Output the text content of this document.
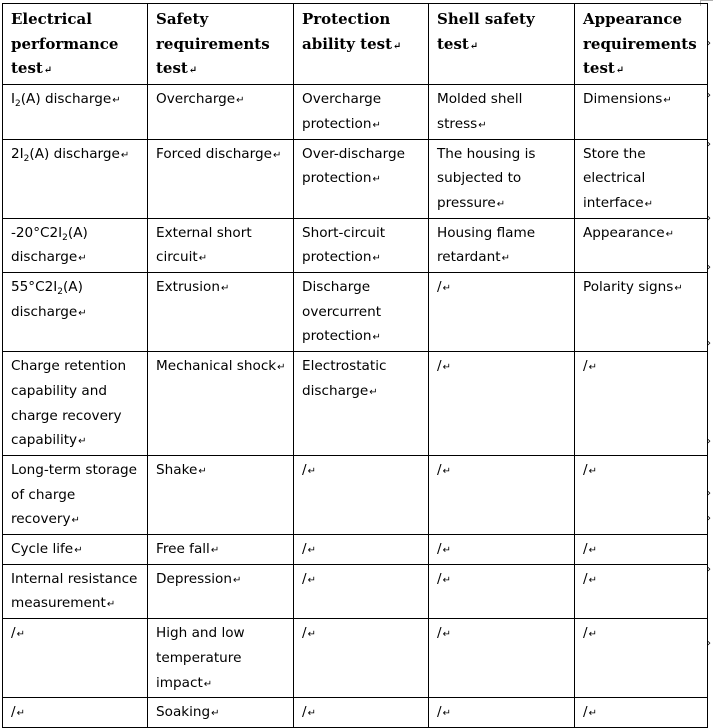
Electrical performance test↵	Safety requirements test↵	Protection ability test↵	Shell safety test↵	Appearance requirements test↵
$I_2(A)$ discharge↵	Overcharge↵	Overcharge protection↵	Molded shell stress↵	Dimensions↵
$2I_2(A)$ discharge↵	Forced discharge↵	Over-discharge protection↵	The housing is subjected to pressure↵	Store the electrical interface↵
$-20^\circ C2I_2(A)$ discharge↵	External short circuit↵	Short-circuit protection↵	Housing flame retardant↵	Appearance↵
$55^\circ C2I_2(A)$ discharge↵	Extrusion↵	Discharge overcurrent protection↵	/↵	Polarity signs↵
Charge retention capability and charge recovery capability↵	Mechanical shock↵	Electrostatic discharge↵	/↵	/↵
Long-term storage of charge recovery↵	Shake↵	/↵	/↵	/↵
Cycle life↵	Free fall↵	/↵	/↵	/↵
Internal resistance measurement↵	Depression↵	/↵	/↵	/↵
/↵	High and low temperature impact↵	/↵	/↵	/↵
/↵	Soaking↵	/↵	/↵	/↵
›
›
›
›
›
›
›
›
›
›
›
